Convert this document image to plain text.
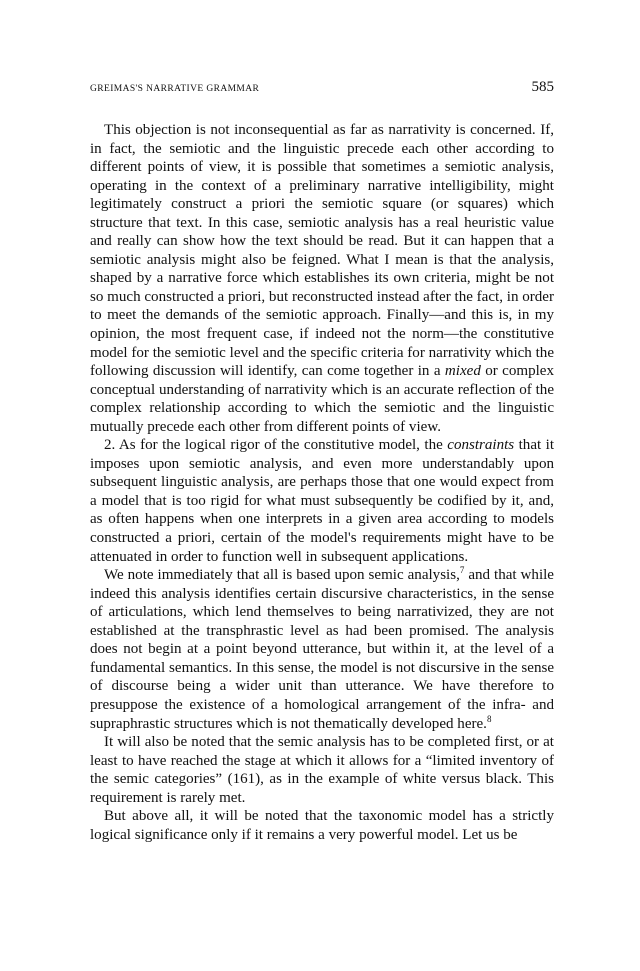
GREIMAS'S NARRATIVE GRAMMAR	585

This objection is not inconsequential as far as narrativity is concerned. If, in fact, the semiotic and the linguistic precede each other according to different points of view, it is possible that sometimes a semiotic analysis, operating in the context of a preliminary narrative intelligibility, might legitimately construct a priori the semiotic square (or squares) which structure that text. In this case, semiotic analysis has a real heuristic value and really can show how the text should be read. But it can happen that a semiotic analysis might also be feigned. What I mean is that the analysis, shaped by a narrative force which establishes its own criteria, might be not so much constructed a priori, but reconstructed instead after the fact, in order to meet the demands of the semiotic approach. Finally—and this is, in my opinion, the most frequent case, if indeed not the norm—the constitutive model for the semiotic level and the specific criteria for narrativity which the following discussion will identify, can come together in a mixed or complex conceptual understanding of narrativity which is an accurate reflection of the complex relationship according to which the semiotic and the linguistic mutually precede each other from different points of view.

2. As for the logical rigor of the constitutive model, the constraints that it imposes upon semiotic analysis, and even more understandably upon subsequent linguistic analysis, are perhaps those that one would expect from a model that is too rigid for what must subsequently be codified by it, and, as often happens when one interprets in a given area according to models constructed a priori, certain of the model's requirements might have to be attenuated in order to function well in subsequent applications.

We note immediately that all is based upon semic analysis,$^7$ and that while indeed this analysis identifies certain discursive characteristics, in the sense of articulations, which lend themselves to being narrativized, they are not established at the transphrastic level as had been promised. The analysis does not begin at a point beyond utterance, but within it, at the level of a fundamental semantics. In this sense, the model is not discursive in the sense of discourse being a wider unit than utterance. We have therefore to presuppose the existence of a homological arrangement of the infra- and supraphrastic structures which is not thematically developed here.$^8$

It will also be noted that the semic analysis has to be completed first, or at least to have reached the stage at which it allows for a “limited inventory of the semic categories” (161), as in the example of white versus black. This requirement is rarely met.

But above all, it will be noted that the taxonomic model has a strictly logical significance only if it remains a very powerful model. Let us be
